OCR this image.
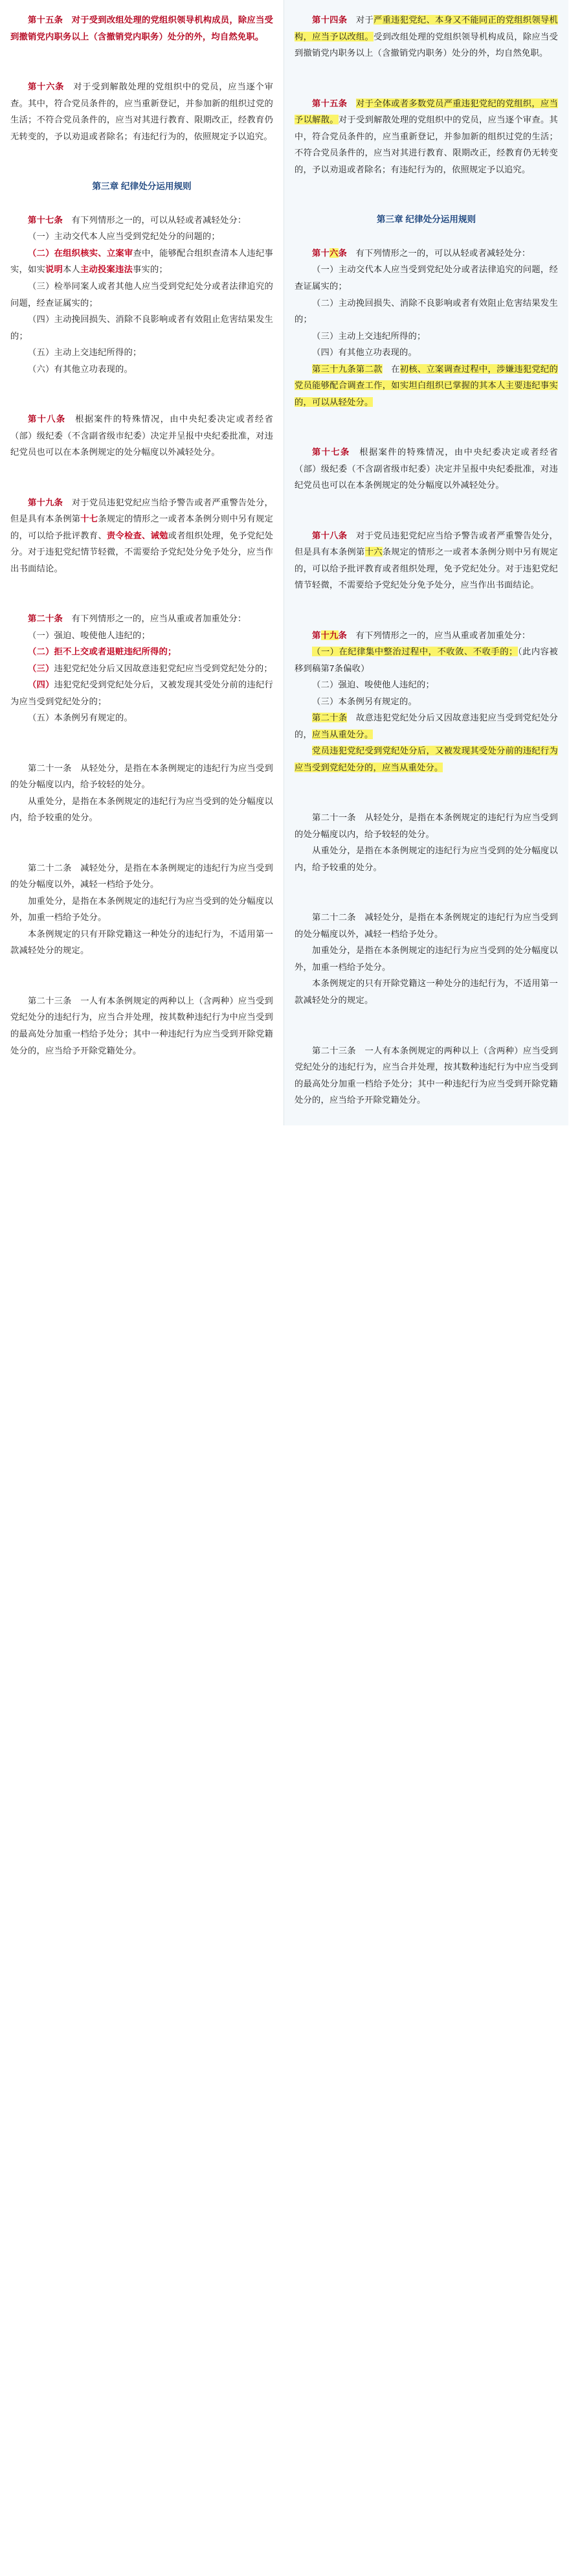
第十五条　对于受到改组处理的党组织领导机构成员，除应当受到撤销党内职务以上（含撤销党内职务）处分的外，均自然免职。

第十六条　对于受到解散处理的党组织中的党员，应当逐个审查。其中，符合党员条件的，应当重新登记，并参加新的组织过党的生活；不符合党员条件的，应当对其进行教育、限期改正，经教育仍无转变的，予以劝退或者除名；有违纪行为的，依照规定予以追究。

第三章 纪律处分运用规则

第十七条　有下列情形之一的，可以从轻或者减轻处分：

（一）主动交代本人应当受到党纪处分的问题的；

（二）在组织核实、立案审查中，能够配合组织查清本人违纪事实，如实说明本人主动投案违法事实的；

（三）检举同案人或者其他人应当受到党纪处分或者法律追究的问题，经查证属实的；

（四）主动挽回损失、消除不良影响或者有效阻止危害结果发生的；

（五）主动上交违纪所得的；

（六）有其他立功表现的。

第十八条　根据案件的特殊情况，由中央纪委决定或者经省（部）级纪委（不含副省级市纪委）决定并呈报中央纪委批准，对违纪党员也可以在本条例规定的处分幅度以外减轻处分。

第十九条　对于党员违犯党纪应当给予警告或者严重警告处分，但是具有本条例第十七条规定的情形之一或者本条例分则中另有规定的，可以给予批评教育、责令检查、诫勉或者组织处理，免予党纪处分。对于违犯党纪情节轻微，不需要给予党纪处分免予处分，应当作出书面结论。

第二十条　有下列情形之一的，应当从重或者加重处分：

（一）强迫、唆使他人违纪的；

（二）拒不上交或者退赃违纪所得的；

（三）违犯党纪处分后又因故意违犯党纪应当受到党纪处分的；

（四）违犯党纪受到党纪处分后，又被发现其受处分前的违纪行为应当受到党纪处分的；

（五）本条例另有规定的。

第二十一条　从轻处分，是指在本条例规定的违纪行为应当受到的处分幅度以内，给予较轻的处分。

从重处分，是指在本条例规定的违纪行为应当受到的处分幅度以内，给予较重的处分。

第二十二条　减轻处分，是指在本条例规定的违纪行为应当受到的处分幅度以外，减轻一档给予处分。

加重处分，是指在本条例规定的违纪行为应当受到的处分幅度以外，加重一档给予处分。

本条例规定的只有开除党籍这一种处分的违纪行为，不适用第一款减轻处分的规定。

第二十三条　一人有本条例规定的两种以上（含两种）应当受到党纪处分的违纪行为，应当合并处理，按其数种违纪行为中应当受到的最高处分加重一档给予处分；其中一种违纪行为应当受到开除党籍处分的，应当给予开除党籍处分。

第十四条　对于严重违犯党纪、本身又不能同正的党组织领导机构，应当予以改组。受到改组处理的党组织领导机构成员，除应当受到撤销党内职务以上（含撤销党内职务）处分的外，均自然免职。

第十五条　 对于全体或者多数党员严重违犯党纪的党组织，应当予以解散。对于受到解散处理的党组织中的党员，应当逐个审查。其中，符合党员条件的，应当重新登记，并参加新的组织过党的生活；不符合党员条件的，应当对其进行教育、限期改正，经教育仍无转变的，予以劝退或者除名；有违纪行为的，依照规定予以追究。

第三章 纪律处分运用规则

第十六条　有下列情形之一的，可以从轻或者减轻处分：

（一）主动交代本人应当受到党纪处分或者法律追究的问题，经查证属实的；

（二）主动挽回损失、消除不良影响或者有效阻止危害结果发生的；

（三）主动上交违纪所得的；

（四）有其他立功表现的。

第三十九条第二款　在初核、立案调查过程中，涉嫌违犯党纪的党员能够配合调查工作，如实坦白组织已掌握的其本人主要违纪事实的，可以从轻处分。

第十七条　根据案件的特殊情况，由中央纪委决定或者经省（部）级纪委（不含副省级市纪委）决定并呈报中央纪委批准，对违纪党员也可以在本条例规定的处分幅度以外减轻处分。

第十八条　对于党员违犯党纪应当给予警告或者严重警告处分，但是具有本条例第十六条规定的情形之一或者本条例分则中另有规定的，可以给予批评教育或者组织处理，免予党纪处分。对于违犯党纪情节轻微，不需要给予党纪处分免予处分，应当作出书面结论。

第十九条　有下列情形之一的，应当从重或者加重处分：

（一）在纪律集中整治过程中，不收敛、不收手的；（此内容被移到稿第7条偏收）

（二）强迫、唆使他人违纪的；

（三）本条例另有规定的。

第二十条　故意违犯党纪处分后又因故意违犯应当受到党纪处分的，应当从重处分。

党员违犯党纪受到党纪处分后，又被发现其受处分前的违纪行为应当受到党纪处分的，应当从重处分。

第二十一条　从轻处分，是指在本条例规定的违纪行为应当受到的处分幅度以内，给予较轻的处分。

从重处分，是指在本条例规定的违纪行为应当受到的处分幅度以内，给予较重的处分。

第二十二条　减轻处分，是指在本条例规定的违纪行为应当受到的处分幅度以外，减轻一档给予处分。

加重处分，是指在本条例规定的违纪行为应当受到的处分幅度以外，加重一档给予处分。

本条例规定的只有开除党籍这一种处分的违纪行为，不适用第一款减轻处分的规定。

第二十三条　一人有本条例规定的两种以上（含两种）应当受到党纪处分的违纪行为，应当合并处理，按其数种违纪行为中应当受到的最高处分加重一档给予处分；其中一种违纪行为应当受到开除党籍处分的，应当给予开除党籍处分。
